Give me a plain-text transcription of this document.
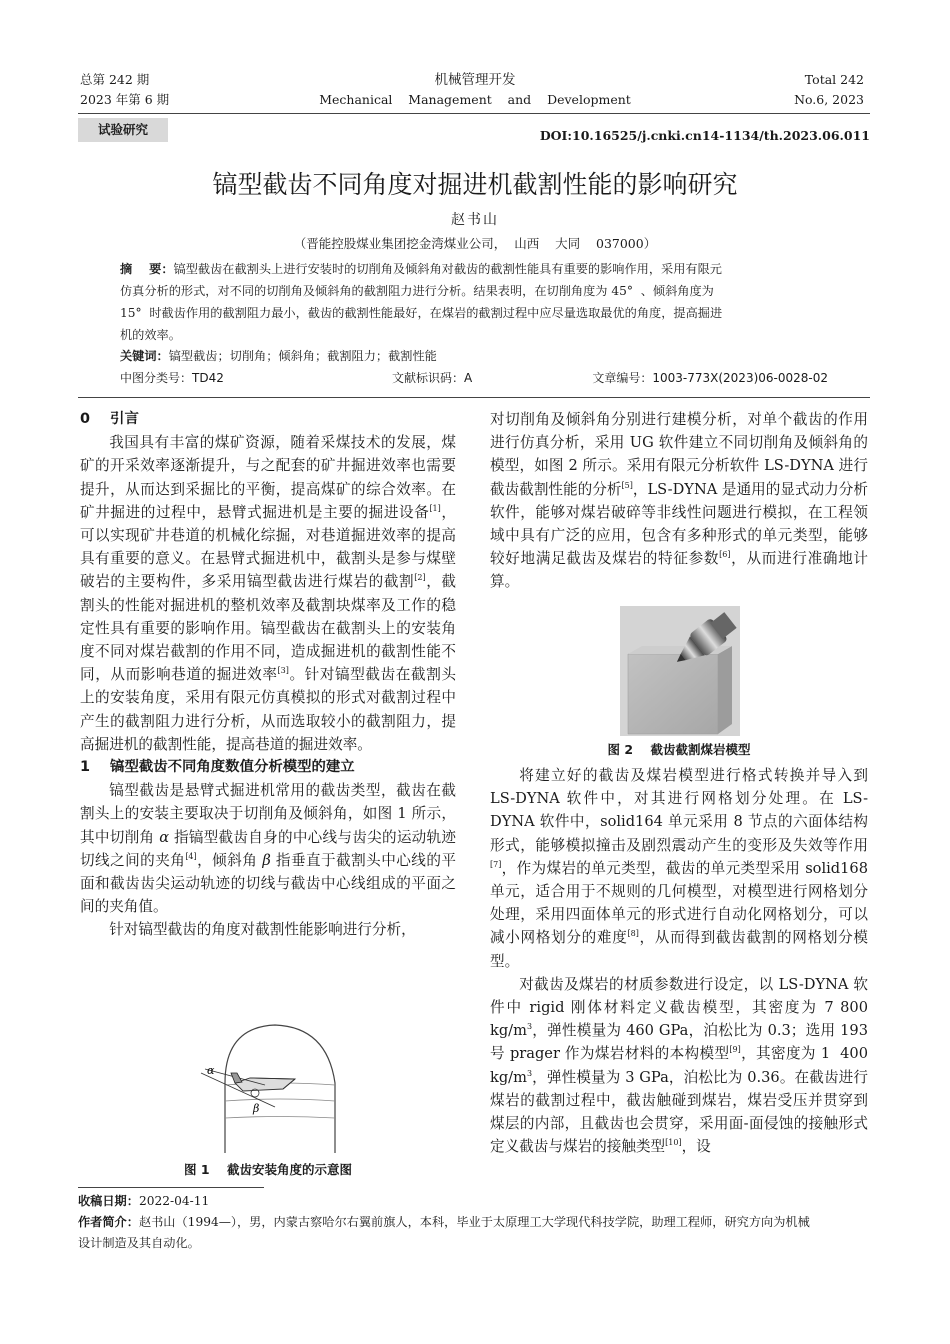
总第 242 期
2023 年第 6 期
机械管理开发
Mechanical    Management    and    Development
Total 242
No.6, 2023
试验研究	DOI:10.16525/j.cnki.cn14-1134/th.2023.06.011
镐型截齿不同角度对掘进机截割性能的影响研究
赵书山
（晋能控股煤业集团挖金湾煤业公司，  山西    大同    037000）
摘    要：镐型截齿在截割头上进行安装时的切削角及倾斜角对截齿的截割性能具有重要的影响作用，采用有限元
仿真分析的形式，对不同的切削角及倾斜角的截割阻力进行分析。结果表明，在切削角度为 45°  、倾斜角度为
15°  时截齿作用的截割阻力最小，截齿的截割性能最好，在煤岩的截割过程中应尽量选取最优的角度，提高掘进
机的效率。
关键词：镐型截齿；切削角；倾斜角；截割阻力；截割性能
中图分类号：TD42	文献标识码：A	文章编号：1003-773X(2023)06-0028-02
0    引言

我国具有丰富的煤矿资源，随着采煤技术的发展，煤矿的开采效率逐渐提升，与之配套的矿井掘进效率也需要提升，从而达到采掘比的平衡，提高煤矿的综合效率。在矿井掘进的过程中，悬臂式掘进机是主要的掘进设备[1]，可以实现矿井巷道的机械化综掘，对巷道掘进效率的提高具有重要的意义。在悬臂式掘进机中，截割头是参与煤壁破岩的主要构件，多采用镐型截齿进行煤岩的截割[2]，截割头的性能对掘进机的整机效率及截割块煤率及工作的稳定性具有重要的影响作用。镐型截齿在截割头上的安装角度不同对煤岩截割的作用不同，造成掘进机的截割性能不同，从而影响巷道的掘进效率[3]。针对镐型截齿在截割头上的安装角度，采用有限元仿真模拟的形式对截割过程中产生的截割阻力进行分析，从而选取较小的截割阻力，提高掘进机的截割性能，提高巷道的掘进效率。

1    镐型截齿不同角度数值分析模型的建立

镐型截齿是悬臂式掘进机常用的截齿类型，截齿在截割头上的安装主要取决于切削角及倾斜角，如图 1 所示，其中切削角 α 指镐型截齿自身的中心线与齿尖的运动轨迹切线之间的夹角[4]，倾斜角 β 指垂直于截割头中心线的平面和截齿齿尖运动轨迹的切线与截齿中心线组成的平面之间的夹角值。

针对镐型截齿的角度对截割性能影响进行分析，

α
β
图 1    截齿安装角度的示意图

对切削角及倾斜角分别进行建模分析，对单个截齿的作用进行仿真分析，采用 UG 软件建立不同切削角及倾斜角的模型，如图 2 所示。采用有限元分析软件 LS-DYNA 进行截齿截割性能的分析[5]，LS-DYNA 是通用的显式动力分析软件，能够对煤岩破碎等非线性问题进行模拟，在工程领域中具有广泛的应用，包含有多种形式的单元类型，能够较好地满足截齿及煤岩的特征参数[6]，从而进行准确地计算。

图 2    截齿截割煤岩模型

将建立好的截齿及煤岩模型进行格式转换并导入到 LS-DYNA 软件中，对其进行网格划分处理。在 LS-DYNA 软件中，solid164 单元采用 8 节点的六面体结构形式，能够模拟撞击及剧烈震动产生的变形及失效等作用[7]，作为煤岩的单元类型，截齿的单元类型采用 solid168 单元，适合用于不规则的几何模型，对模型进行网格划分处理，采用四面体单元的形式进行自动化网格划分，可以减小网格划分的难度[8]，从而得到截齿截割的网格划分模型。

对截齿及煤岩的材质参数进行设定，以 LS-DYNA 软件中 rigid 刚体材料定义截齿模型，其密度为 7 800 $kg/m^3$，弹性模量为 460 GPa，泊松比为 0.3；选用 193 号 prager 作为煤岩材料的本构模型[9]，其密度为 1  400 $kg/m^3$，弹性模量为 3 GPa，泊松比为 0.36。在截齿进行煤岩的截割过程中，截齿触碰到煤岩，煤岩受压并贯穿到煤层的内部，且截齿也会贯穿，采用面-面侵蚀的接触形式定义截齿与煤岩的接触类型[10]，设

收稿日期：2022-04-11
作者简介：赵书山（1994—），男，内蒙古察哈尔右翼前旗人，本科，毕业于太原理工大学现代科技学院，助理工程师，研究方向为机械
设计制造及其自动化。
